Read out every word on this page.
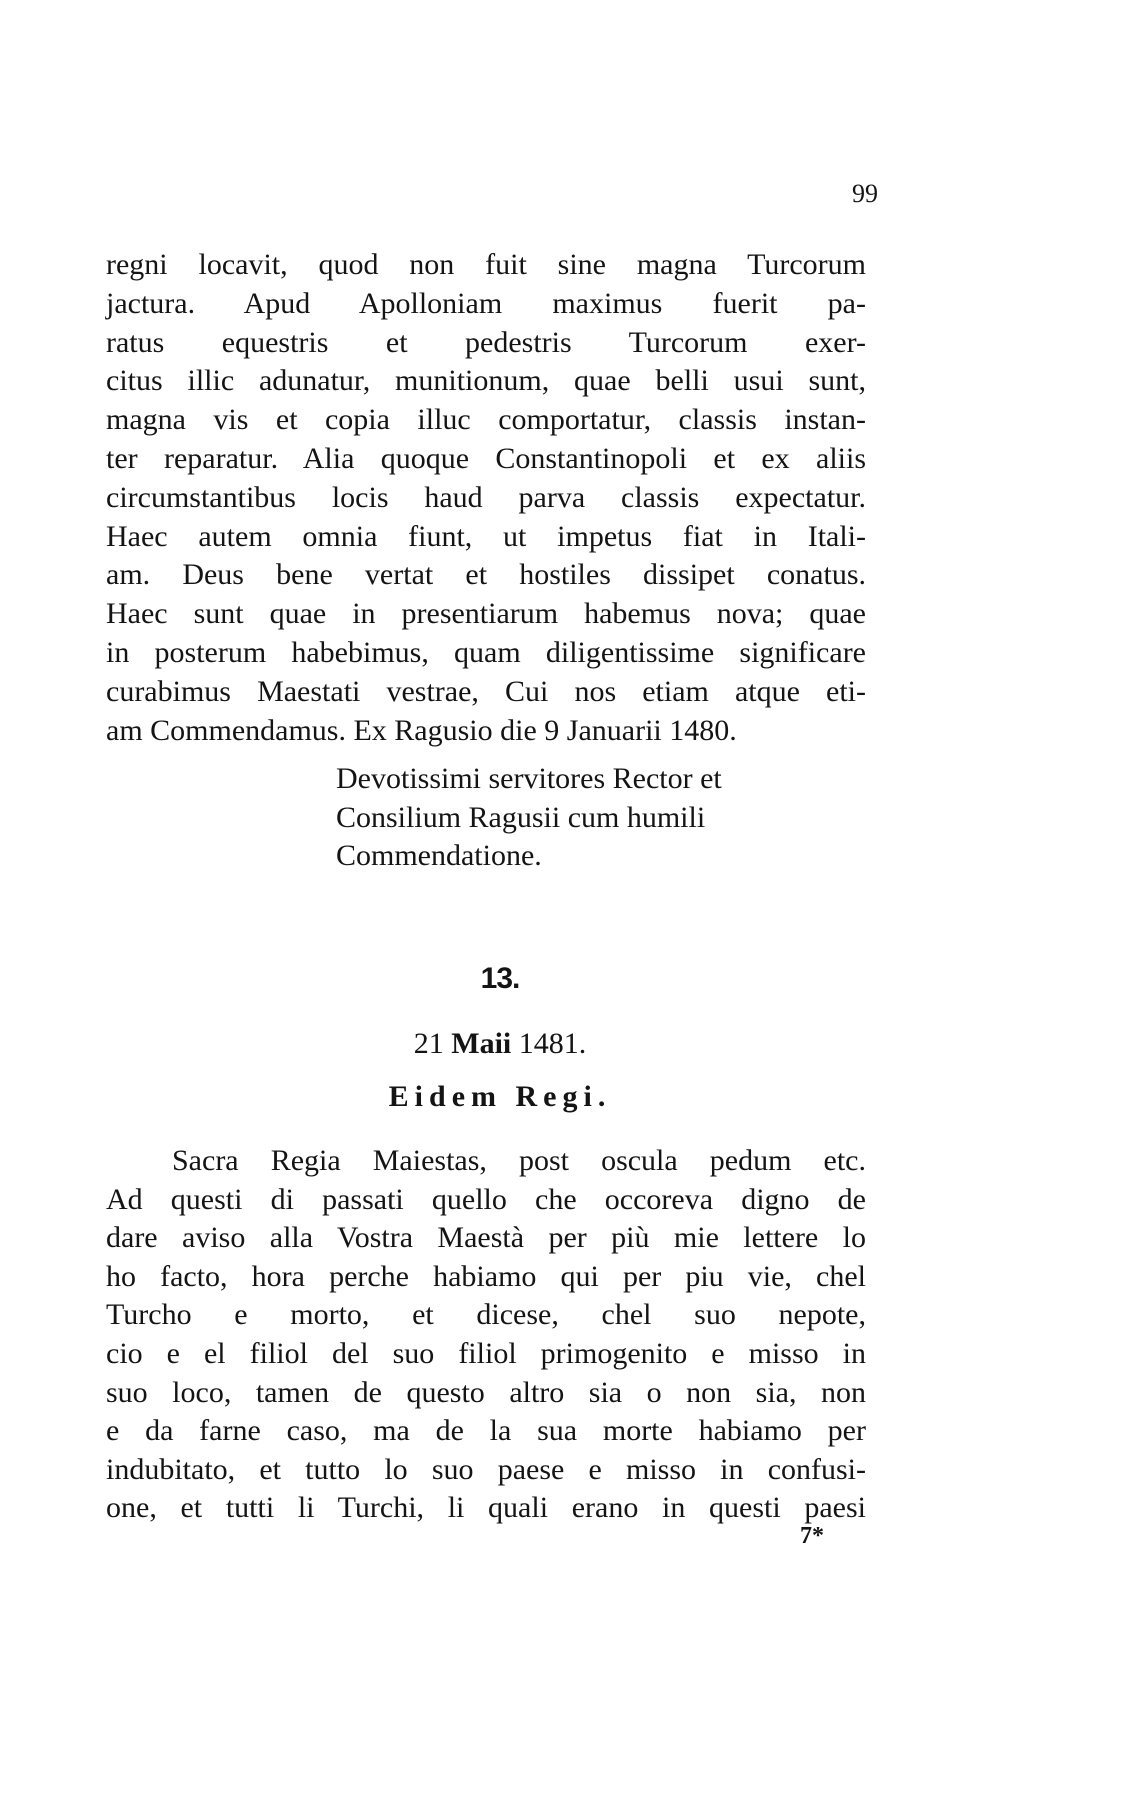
99
regni locavit, quod non fuit sine magna Turcorum
jactura. Apud Apolloniam maximus fuerit pa-
ratus equestris et pedestris Turcorum exer-
citus illic adunatur, munitionum, quae belli usui sunt,
magna vis et copia illuc comportatur, classis instan-
ter reparatur. Alia quoque Constantinopoli et ex aliis
circumstantibus locis haud parva classis expectatur.
Haec autem omnia fiunt, ut impetus fiat in Itali-
am. Deus bene vertat et hostiles dissipet conatus.
Haec sunt quae in presentiarum habemus nova; quae
in posterum habebimus, quam diligentissime significare
curabimus Maestati vestrae, Cui nos etiam atque eti-
am Commendamus. Ex Ragusio die 9 Januarii 1480.
Devotissimi servitores Rector et
Consilium Ragusii cum humili
Commendatione.
13.
21 Maii 1481.
Eidem Regi.
Sacra Regia Maiestas, post oscula pedum etc.
Ad questi di passati quello che occoreva digno de
dare aviso alla Vostra Maestà per più mie lettere lo
ho facto, hora perche habiamo qui per piu vie, chel
Turcho e morto, et dicese, chel suo nepote,
cio e el filiol del suo filiol primogenito e misso in
suo loco, tamen de questo altro sia o non sia, non
e da farne caso, ma de la sua morte habiamo per
indubitato, et tutto lo suo paese e misso in confusi-
one, et tutti li Turchi, li quali erano in questi paesi
7*
